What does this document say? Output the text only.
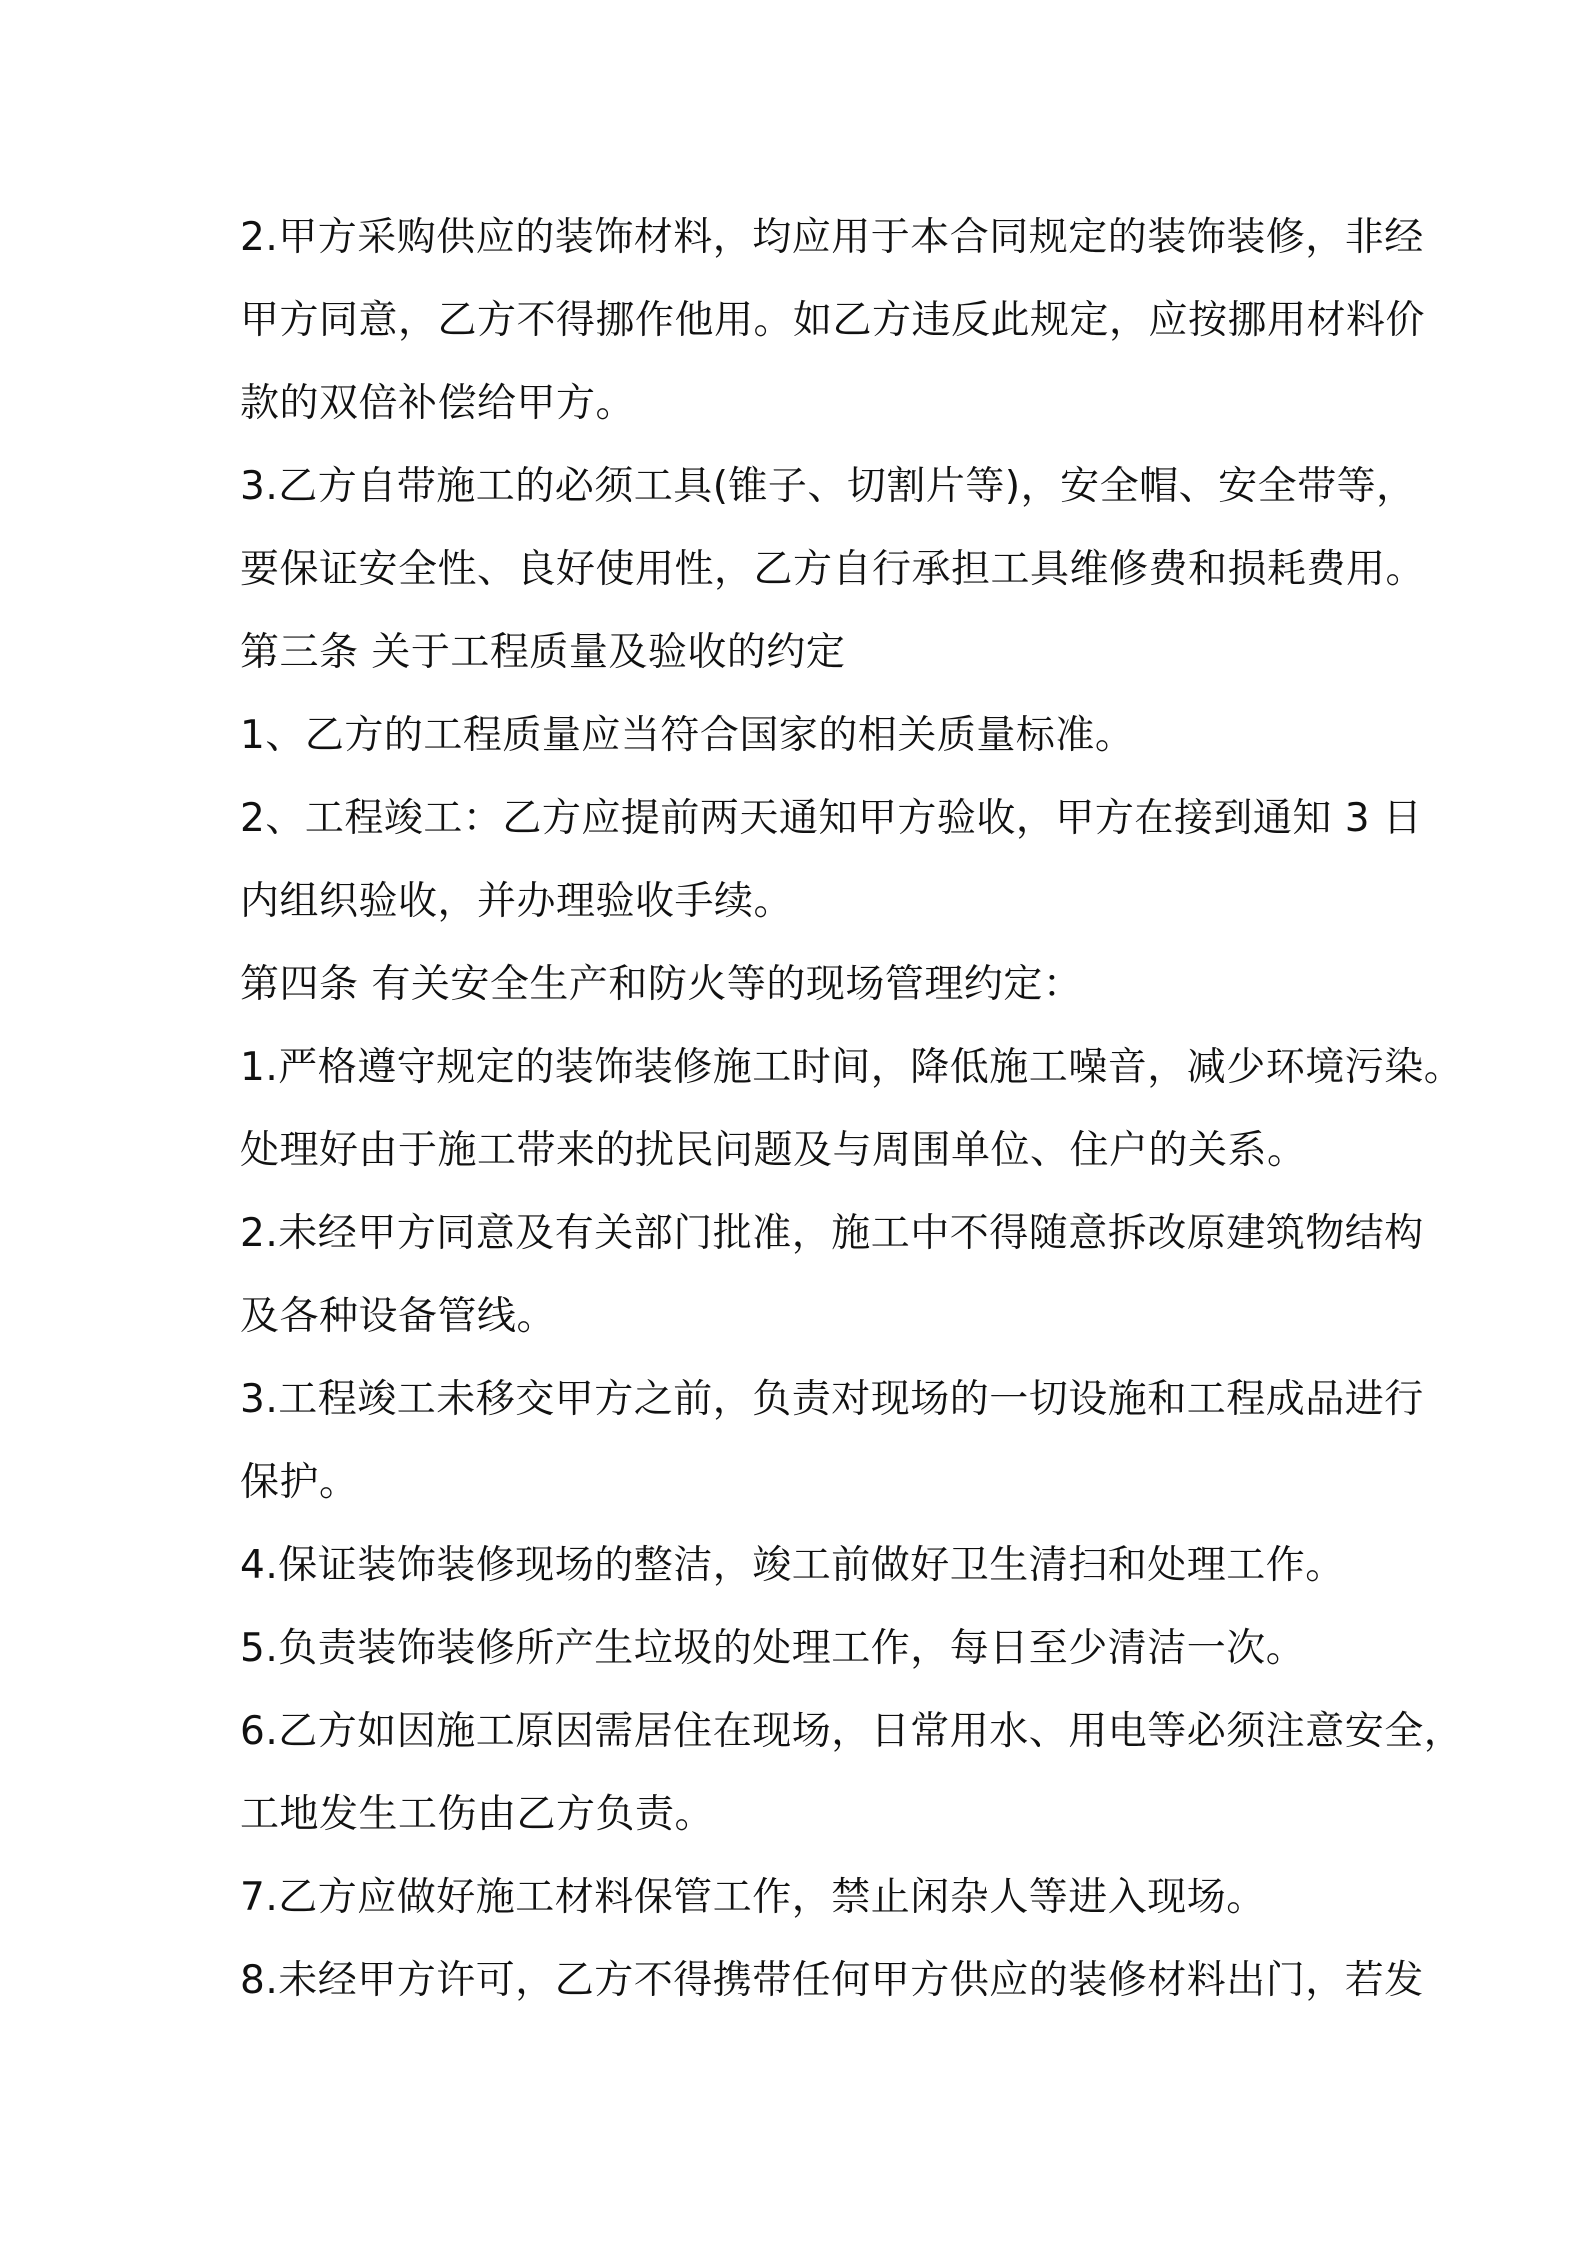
2.甲方采购供应的装饰材料，均应用于本合同规定的装饰装修，非经
甲方同意，乙方不得挪作他用。如乙方违反此规定，应按挪用材料价
款的双倍补偿给甲方。
3.乙方自带施工的必须工具(锥子、切割片等)，安全帽、安全带等，
要保证安全性、良好使用性，乙方自行承担工具维修费和损耗费用。
第三条 关于工程质量及验收的约定
1、乙方的工程质量应当符合国家的相关质量标准。
2、工程竣工：乙方应提前两天通知甲方验收，甲方在接到通知 3 日
内组织验收，并办理验收手续。
第四条 有关安全生产和防火等的现场管理约定：
1.严格遵守规定的装饰装修施工时间，降低施工噪音，减少环境污染。
处理好由于施工带来的扰民问题及与周围单位、住户的关系。
2.未经甲方同意及有关部门批准，施工中不得随意拆改原建筑物结构
及各种设备管线。
3.工程竣工未移交甲方之前，负责对现场的一切设施和工程成品进行
保护。
4.保证装饰装修现场的整洁，竣工前做好卫生清扫和处理工作。
5.负责装饰装修所产生垃圾的处理工作，每日至少清洁一次。
6.乙方如因施工原因需居住在现场，日常用水、用电等必须注意安全，
工地发生工伤由乙方负责。
7.乙方应做好施工材料保管工作，禁止闲杂人等进入现场。
8.未经甲方许可，乙方不得携带任何甲方供应的装修材料出门，若发
